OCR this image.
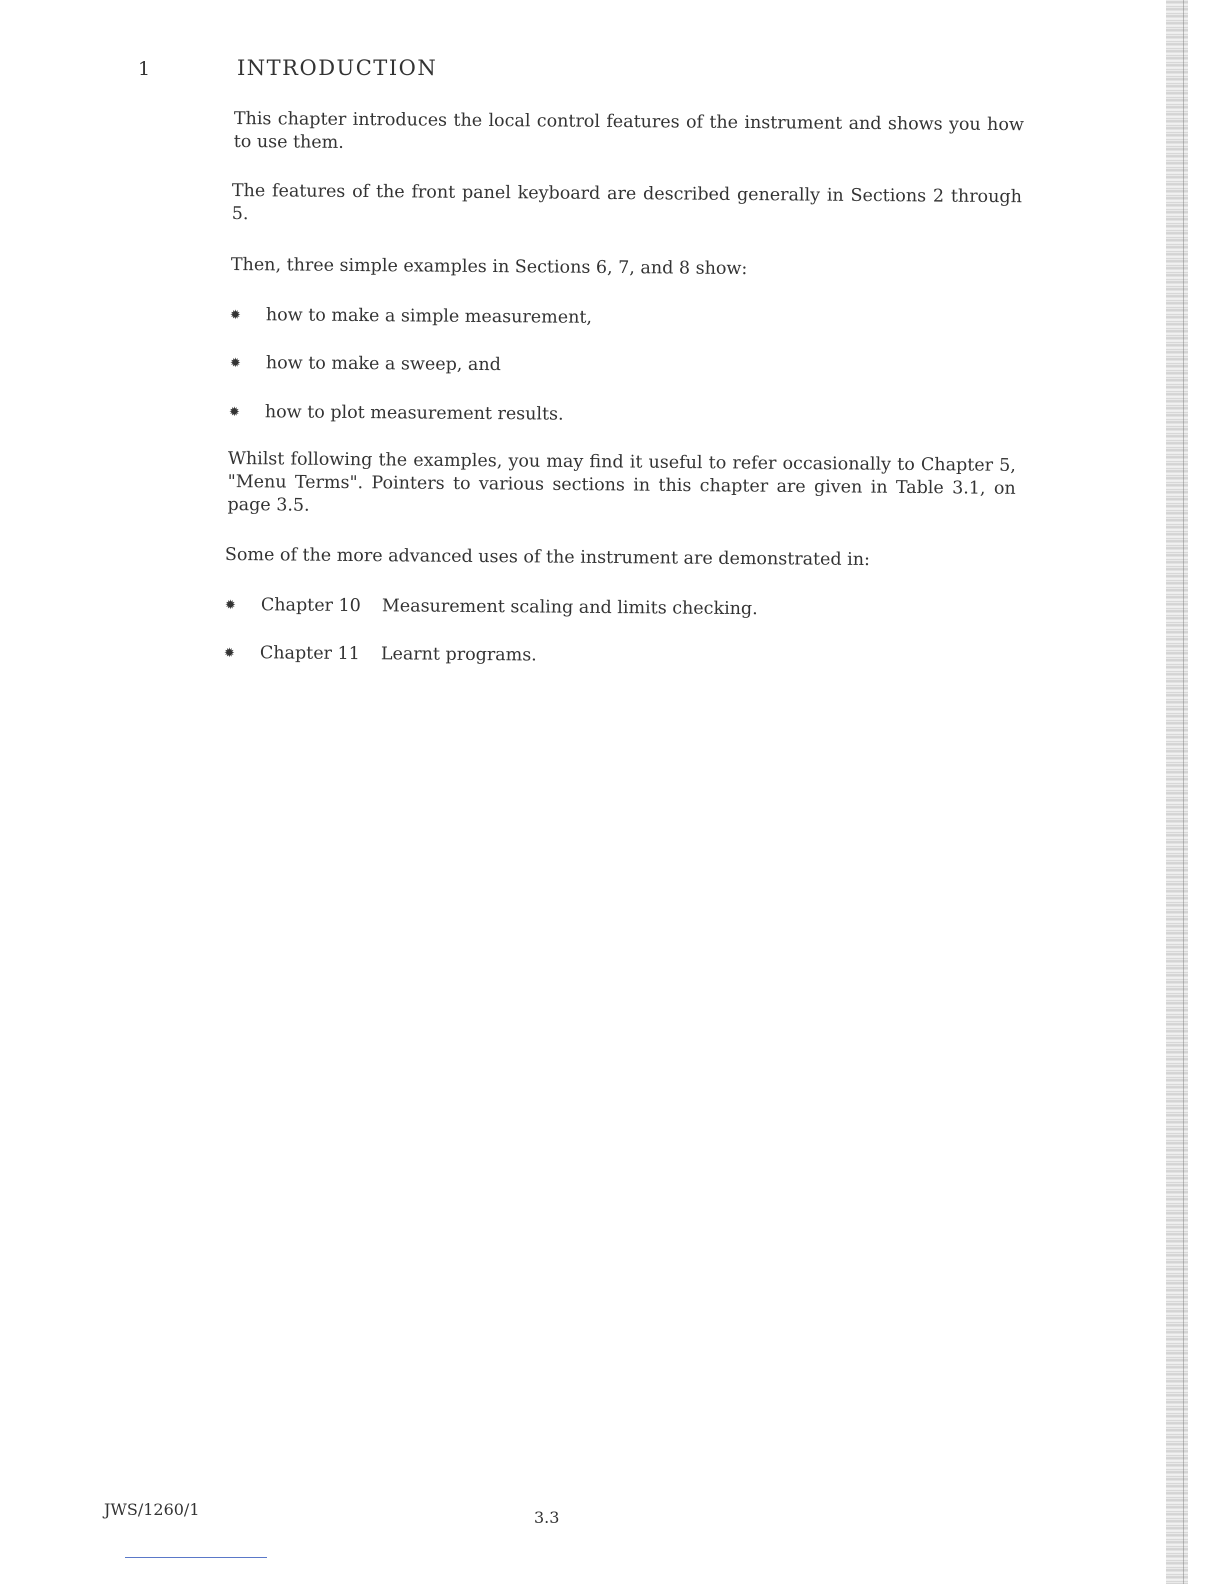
1	INTRODUCTION

This chapter introduces the local control features of the instrument and shows you how to use them.

The features of the front panel keyboard are described generally in Sections 2 through 5.

Then, three simple examples in Sections 6, 7, and 8 show:

✹ how to make a simple measurement,
✹ how to make a sweep, and
✹ how to plot measurement results.

Whilst following the examples, you may find it useful to refer occasionally to Chapter 5, "Menu Terms". Pointers to various sections in this chapter are given in Table 3.1, on page 3.5.

Some of the more advanced uses of the instrument are demonstrated in:

✹ Chapter 10 Measurement scaling and limits checking.
✹ Chapter 11 Learnt programs.
JWS/1260/1	3.3
